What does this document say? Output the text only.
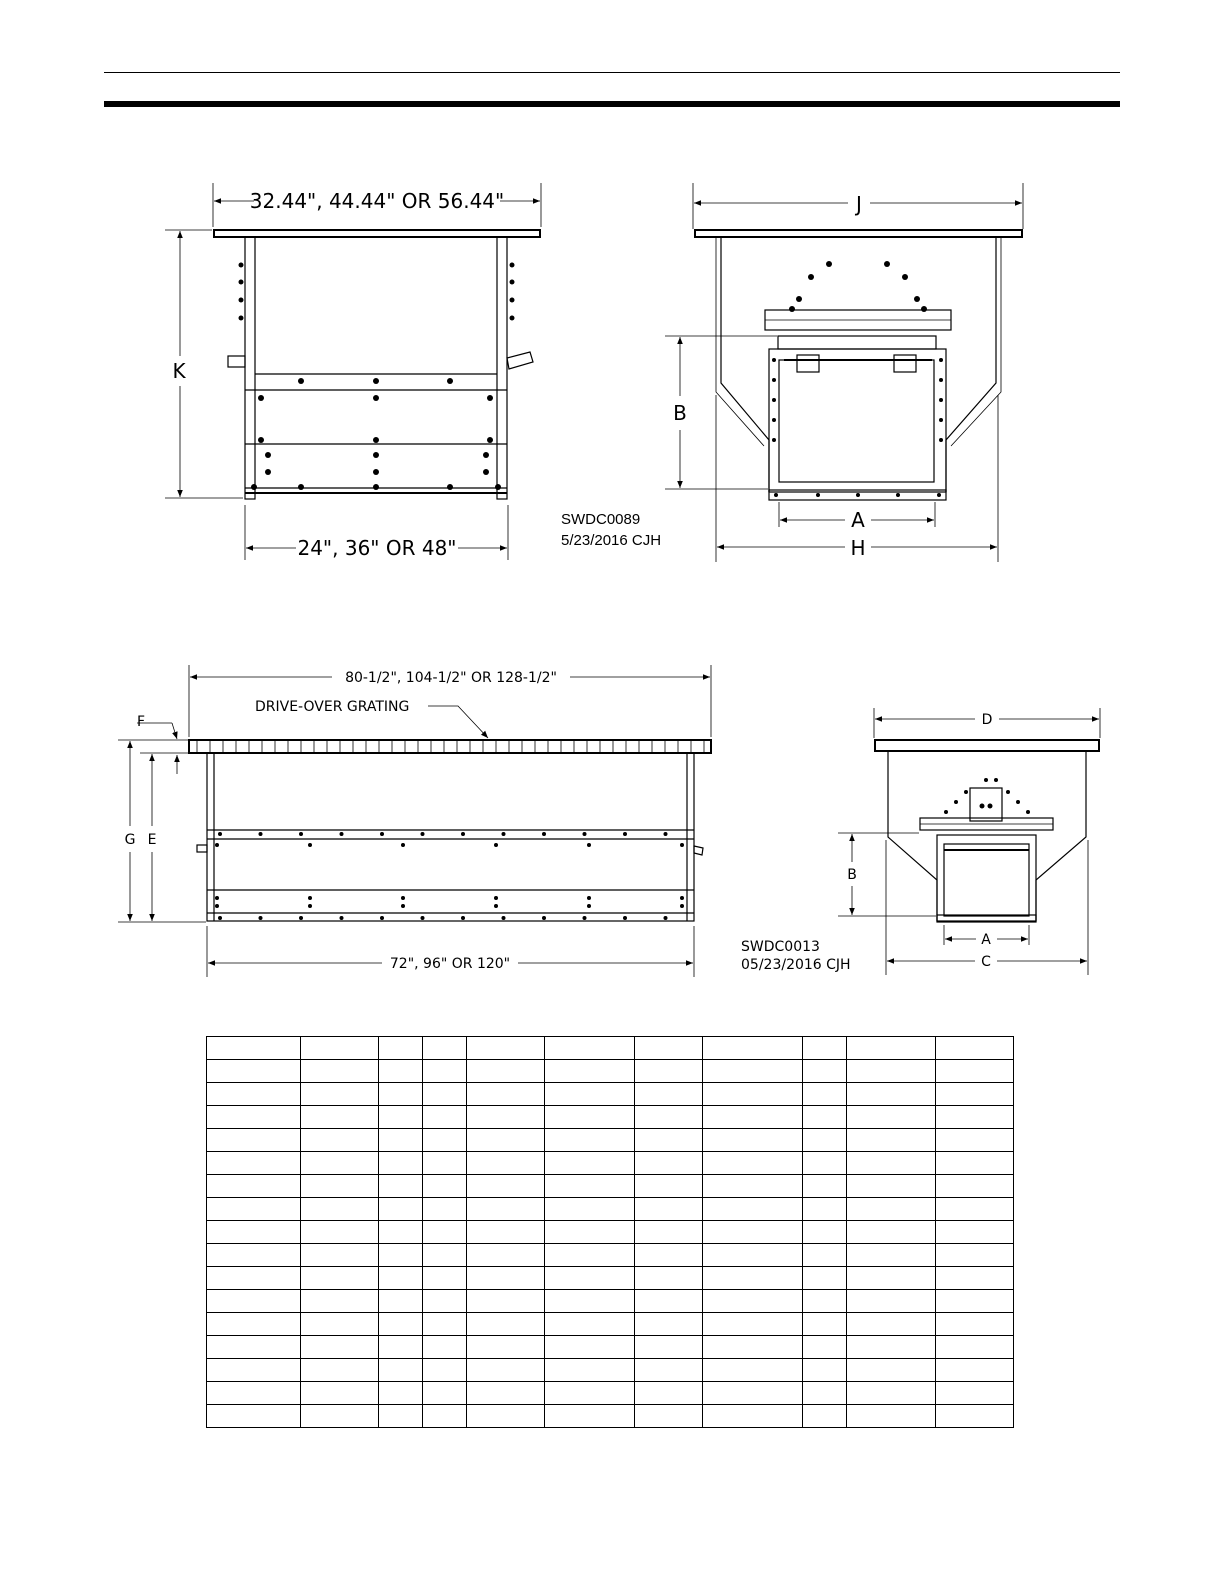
32.44", 44.44" OR 56.44"
K
24", 36" OR 48"
SWDC0089
5/23/2016 CJH
J
B
A
H
80-1/2", 104-1/2" OR 128-1/2"
DRIVE-OVER GRATING
F
G E
72", 96" OR 120"
D
B
A
C
SWDC0013
05/23/2016 CJH
